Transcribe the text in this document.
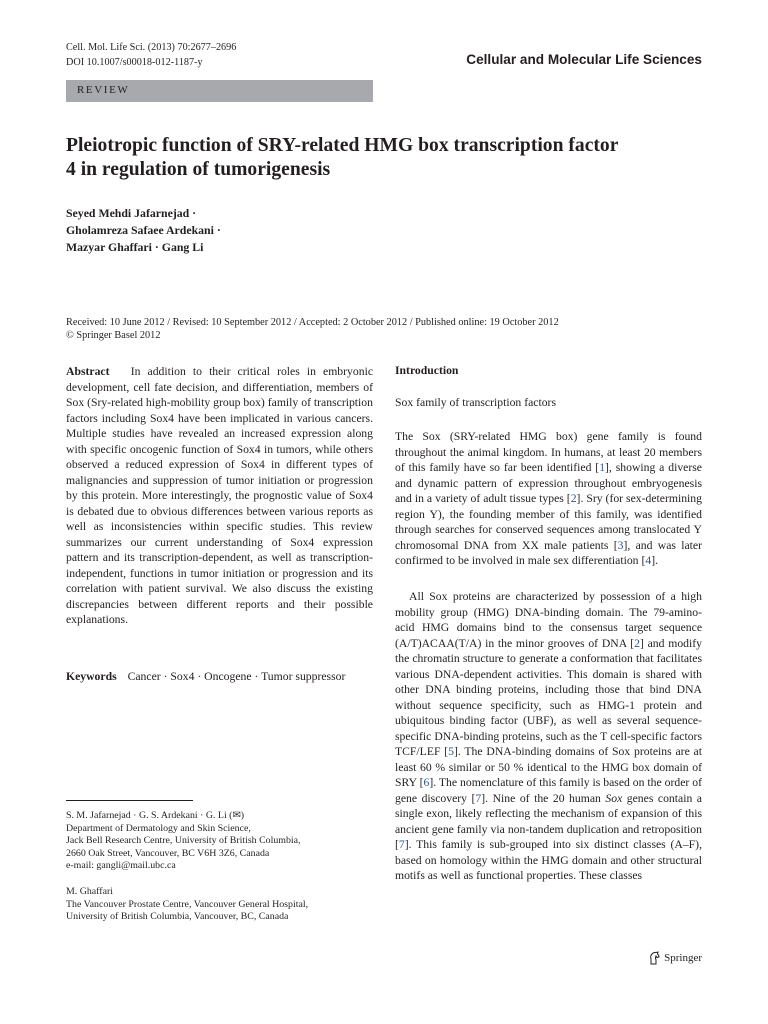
Cell. Mol. Life Sci. (2013) 70:2677–2696
DOI 10.1007/s00018-012-1187-y	Cellular and Molecular Life Sciences
REVIEW
Pleiotropic function of SRY-related HMG box transcription factor
4 in regulation of tumorigenesis
Seyed Mehdi Jafarnejad ·
Gholamreza Safaee Ardekani ·
Mazyar Ghaffari · Gang Li
Received: 10 June 2012 / Revised: 10 September 2012 / Accepted: 2 October 2012 / Published online: 19 October 2012
© Springer Basel 2012
Abstract In addition to their critical roles in embryonic development, cell fate decision, and differentiation, members of Sox (Sry-related high-mobility group box) family of transcription factors including Sox4 have been implicated in various cancers. Multiple studies have revealed an increased expression along with specific oncogenic function of Sox4 in tumors, while others observed a reduced expression of Sox4 in different types of malignancies and suppression of tumor initiation or progression by this protein. More interestingly, the prognostic value of Sox4 is debated due to obvious differences between various reports as well as inconsistencies within specific studies. This review summarizes our current understanding of Sox4 expression pattern and its transcription-dependent, as well as transcription-independent, functions in tumor initiation or progression and its correlation with patient survival. We also discuss the existing discrepancies between different reports and their possible explanations.
Keywords Cancer · Sox4 · Oncogene · Tumor suppressor
S. M. Jafarnejad · G. S. Ardekani · G. Li (✉)
Department of Dermatology and Skin Science,
Jack Bell Research Centre, University of British Columbia,
2660 Oak Street, Vancouver, BC V6H 3Z6, Canada
e-mail: gangli@mail.ubc.ca
M. Ghaffari
The Vancouver Prostate Centre, Vancouver General Hospital,
University of British Columbia, Vancouver, BC, Canada
Introduction
Sox family of transcription factors
The Sox (SRY-related HMG box) gene family is found throughout the animal kingdom. In humans, at least 20 members of this family have so far been identified [1], showing a diverse and dynamic pattern of expression throughout embryogenesis and in a variety of adult tissue types [2]. Sry (for sex-determining region Y), the founding member of this family, was identified through searches for conserved sequences among translocated Y chromosomal DNA from XX male patients [3], and was later confirmed to be involved in male sex differentiation [4].
All Sox proteins are characterized by possession of a high mobility group (HMG) DNA-binding domain. The 79-amino-acid HMG domains bind to the consensus target sequence (A/T)ACAA(T/A) in the minor grooves of DNA [2] and modify the chromatin structure to generate a conformation that facilitates various DNA-dependent activities. This domain is shared with other DNA binding proteins, including those that bind DNA without sequence specificity, such as HMG-1 protein and ubiquitous binding factor (UBF), as well as several sequence-specific DNA-binding proteins, such as the T cell-specific factors TCF/LEF [5]. The DNA-binding domains of Sox proteins are at least 60 % similar or 50 % identical to the HMG box domain of SRY [6]. The nomenclature of this family is based on the order of gene discovery [7]. Nine of the 20 human Sox genes contain a single exon, likely reflecting the mechanism of expansion of this ancient gene family via non-tandem duplication and retroposition [7]. This family is sub-grouped into six distinct classes (A–F), based on homology within the HMG domain and other structural motifs as well as functional properties. These classes
Springer
